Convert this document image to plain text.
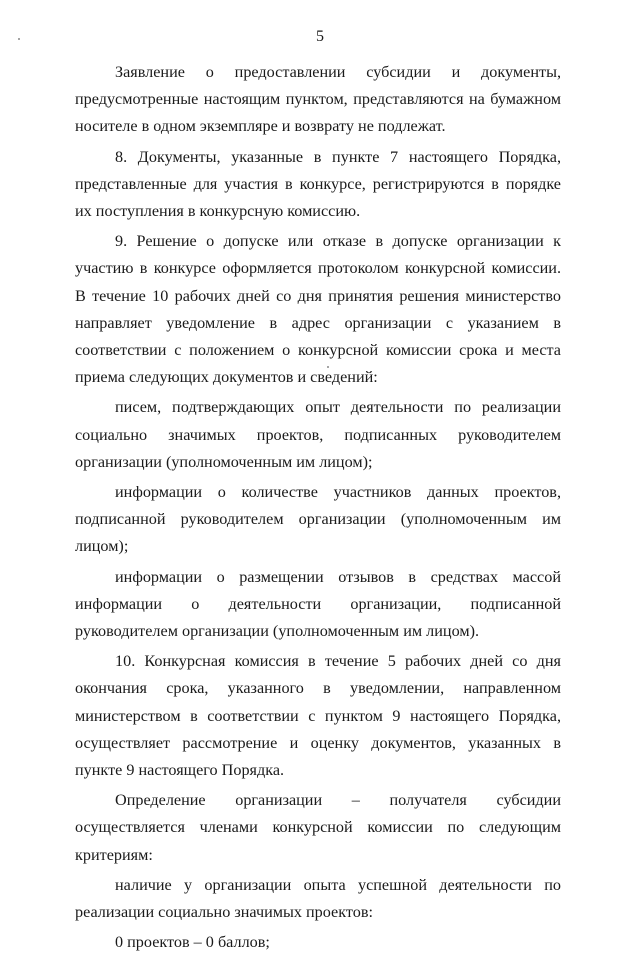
5

Заявление о предоставлении субсидии и документы, предусмотренные настоящим пунктом, представляются на бумажном носителе в одном экземпляре и возврату не подлежат.

8. Документы, указанные в пункте 7 настоящего Порядка, представленные для участия в конкурсе, регистрируются в порядке их поступления в конкурсную комиссию.

9. Решение о допуске или отказе в допуске организации к участию в конкурсе оформляется протоколом конкурсной комиссии. В течение 10 рабочих дней со дня принятия решения министерство направляет уведомление в адрес организации с указанием в соответствии с положением о конкурсной комиссии срока и места приема следующих документов и сведений:

писем, подтверждающих опыт деятельности по реализации социально значимых проектов, подписанных руководителем организации (уполномоченным им лицом);

информации о количестве участников данных проектов, подписанной руководителем организации (уполномоченным им лицом);

информации о размещении отзывов в средствах массой информации о деятельности организации, подписанной руководителем организации (уполномоченным им лицом).

10. Конкурсная комиссия в течение 5 рабочих дней со дня окончания срока, указанного в уведомлении, направленном министерством в соответствии с пунктом 9 настоящего Порядка, осуществляет рассмотрение и оценку документов, указанных в пункте 9 настоящего Порядка.

Определение организации – получателя субсидии осуществляется членами конкурсной комиссии по следующим критериям:

наличие у организации опыта успешной деятельности по реализации социально значимых проектов:

0 проектов – 0 баллов;
